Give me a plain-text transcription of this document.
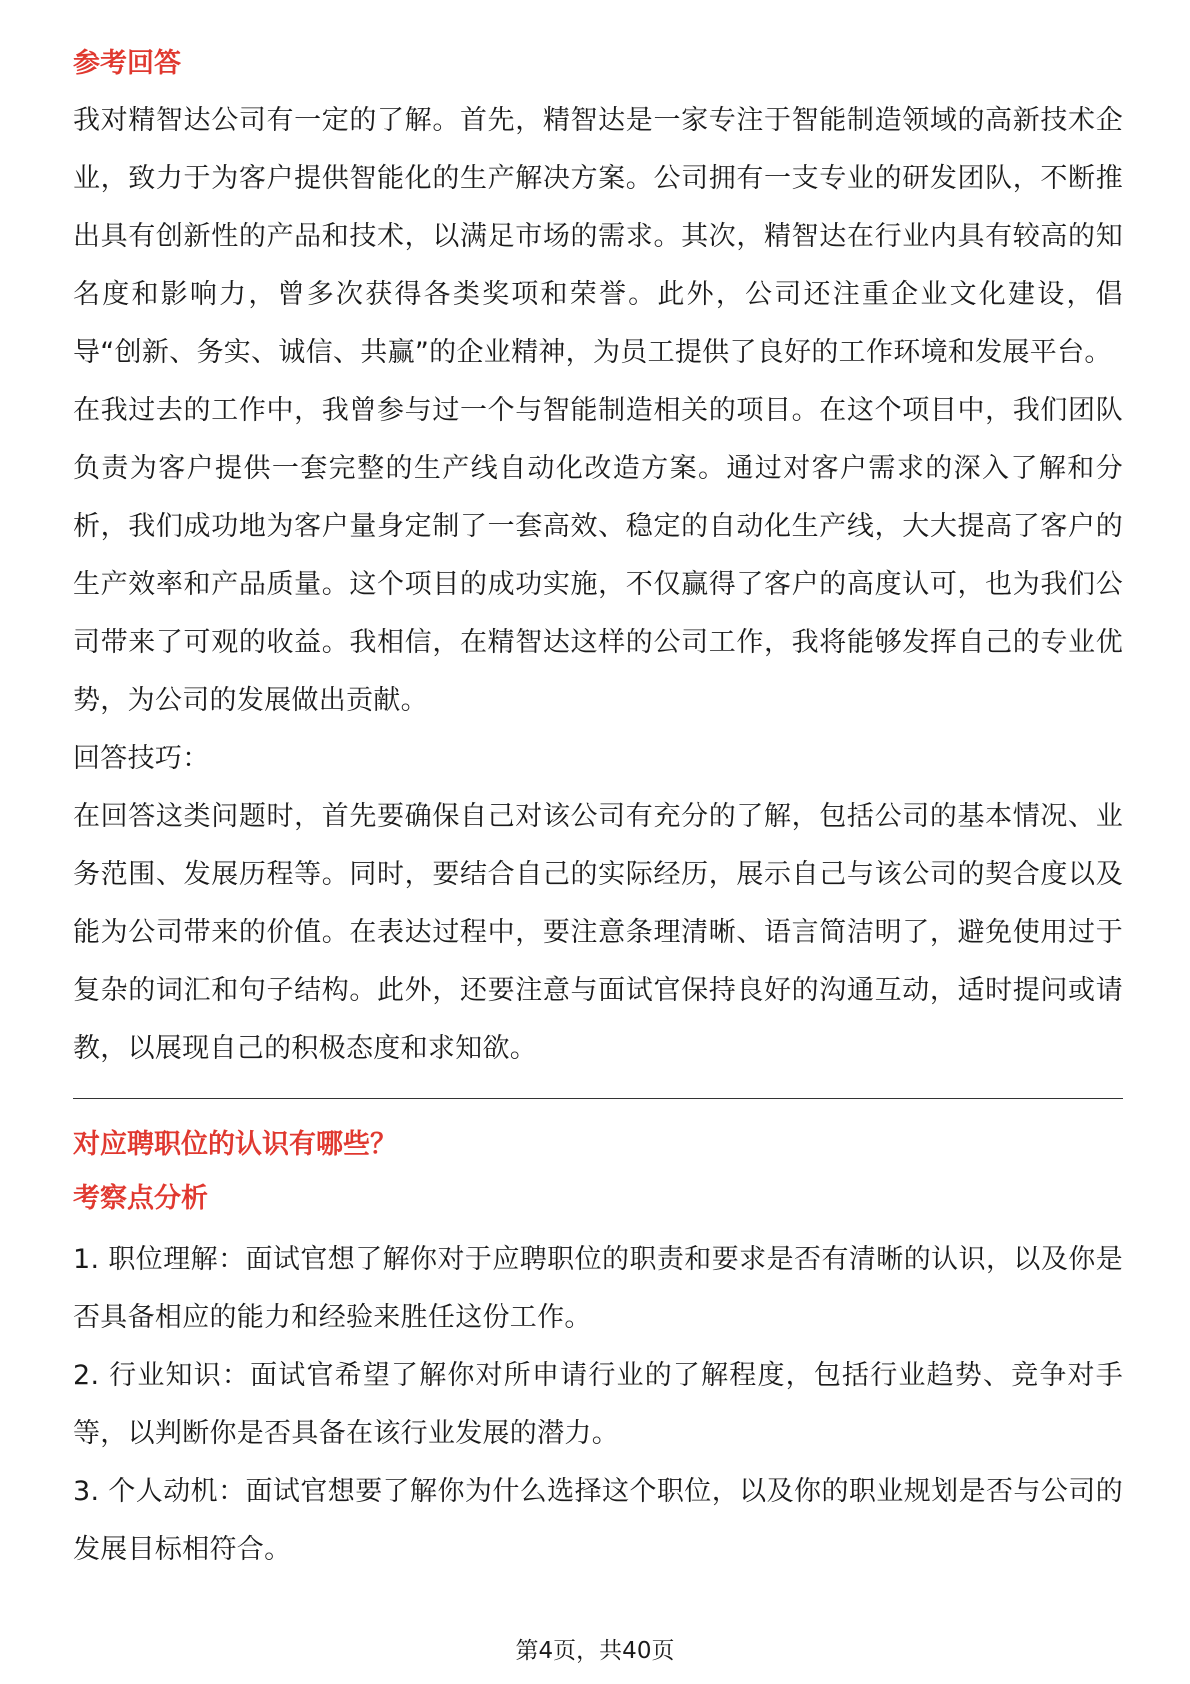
参考回答

我对精智达公司有一定的了解。首先，精智达是一家专注于智能制造领域的高新技术企业，致力于为客户提供智能化的生产解决方案。公司拥有一支专业的研发团队，不断推出具有创新性的产品和技术，以满足市场的需求。其次，精智达在行业内具有较高的知名度和影响力，曾多次获得各类奖项和荣誉。此外，公司还注重企业文化建设，倡导“创新、务实、诚信、共赢”的企业精神，为员工提供了良好的工作环境和发展平台。

在我过去的工作中，我曾参与过一个与智能制造相关的项目。在这个项目中，我们团队负责为客户提供一套完整的生产线自动化改造方案。通过对客户需求的深入了解和分析，我们成功地为客户量身定制了一套高效、稳定的自动化生产线，大大提高了客户的生产效率和产品质量。这个项目的成功实施，不仅赢得了客户的高度认可，也为我们公司带来了可观的收益。我相信，在精智达这样的公司工作，我将能够发挥自己的专业优势，为公司的发展做出贡献。

回答技巧：

在回答这类问题时，首先要确保自己对该公司有充分的了解，包括公司的基本情况、业务范围、发展历程等。同时，要结合自己的实际经历，展示自己与该公司的契合度以及能为公司带来的价值。在表达过程中，要注意条理清晰、语言简洁明了，避免使用过于复杂的词汇和句子结构。此外，还要注意与面试官保持良好的沟通互动，适时提问或请教，以展现自己的积极态度和求知欲。

对应聘职位的认识有哪些？
考察点分析

1. 职位理解：面试官想了解你对于应聘职位的职责和要求是否有清晰的认识，以及你是否具备相应的能力和经验来胜任这份工作。

2. 行业知识：面试官希望了解你对所申请行业的了解程度，包括行业趋势、竞争对手等，以判断你是否具备在该行业发展的潜力。

3. 个人动机：面试官想要了解你为什么选择这个职位，以及你的职业规划是否与公司的发展目标相符合。

第4页，共40页
